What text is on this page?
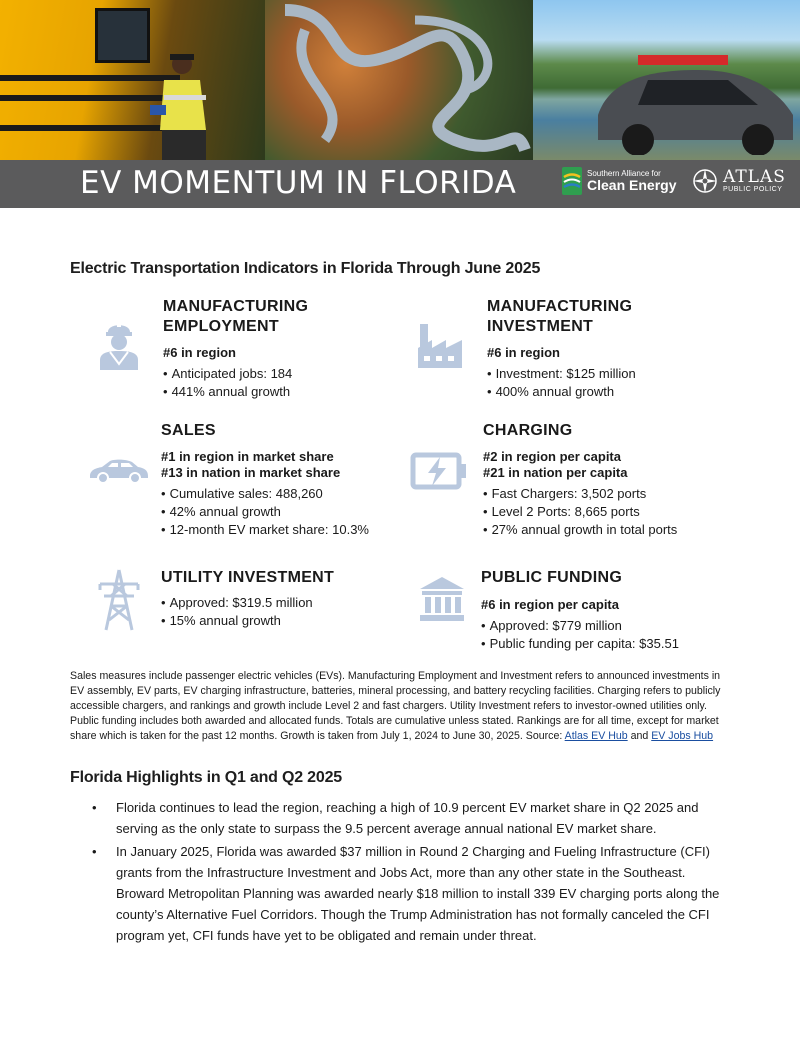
EV MOMENTUM IN FLORIDA	Southern Alliance for
Clean Energy	ATLAS
PUBLIC POLICY
Electric Transportation Indicators in Florida Through June 2025
MANUFACTURING
EMPLOYMENT
#6 in region
• Anticipated jobs: 184
• 441% annual growth
MANUFACTURING
INVESTMENT
#6 in region
• Investment: $125 million
• 400% annual growth
SALES
#1 in region in market share
#13 in nation in market share
• Cumulative sales: 488,260
• 42% annual growth
• 12-month EV market share: 10.3%
CHARGING
#2 in region per capita
#21 in nation per capita
• Fast Chargers: 3,502 ports
• Level 2 Ports: 8,665 ports
• 27% annual growth in total ports
UTILITY INVESTMENT
• Approved: $319.5 million
• 15% annual growth
PUBLIC FUNDING
#6 in region per capita
• Approved: $779 million
• Public funding per capita: $35.51

Sales measures include passenger electric vehicles (EVs). Manufacturing Employment and Investment refers to announced investments in EV assembly, EV parts, EV charging infrastructure, batteries, mineral processing, and battery recycling facilities. Charging refers to publicly accessible chargers, and rankings and growth include Level 2 and fast chargers. Utility Investment refers to investor-owned utilities only. Public funding includes both awarded and allocated funds. Totals are cumulative unless stated. Rankings are for all time, except for market share which is taken for the past 12 months. Growth is taken from July 1, 2024 to June 30, 2025. Source: Atlas EV Hub and EV Jobs Hub

Florida Highlights in Q1 and Q2 2025
• Florida continues to lead the region, reaching a high of 10.9 percent EV market share in Q2 2025 and serving as the only state to surpass the 9.5 percent average annual national EV market share.
• In January 2025, Florida was awarded $37 million in Round 2 Charging and Fueling Infrastructure (CFI) grants from the Infrastructure Investment and Jobs Act, more than any other state in the Southeast. Broward Metropolitan Planning was awarded nearly $18 million to install 339 EV charging ports along the county’s Alternative Fuel Corridors. Though the Trump Administration has not formally canceled the CFI program yet, CFI funds have yet to be obligated and remain under threat.
